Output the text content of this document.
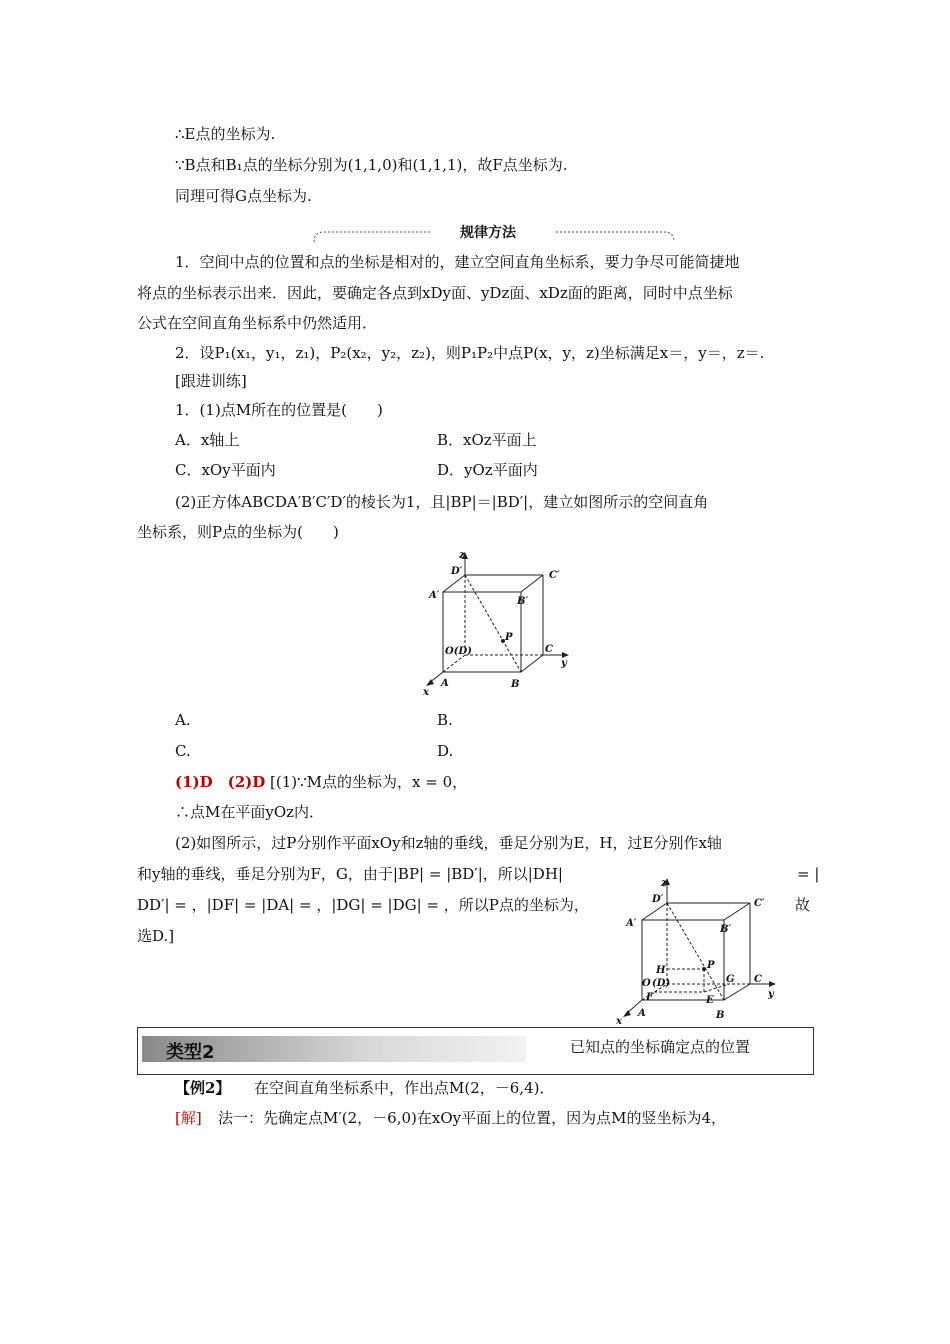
∴E点的坐标为.
∵B点和B₁点的坐标分别为(1,1,0)和(1,1,1)，故F点坐标为.
同理可得G点坐标为.
规律方法
1．空间中点的位置和点的坐标是相对的，建立空间直角坐标系，要力争尽可能简捷地
将点的坐标表示出来．因此，要确定各点到xDy面、yDz面、xDz面的距离，同时中点坐标
公式在空间直角坐标系中仍然适用．
2．设P₁(x₁，y₁，z₁)，P₂(x₂，y₂，z₂)，则P₁P₂中点P(x，y，z)坐标满足x＝，y＝，z＝.
[跟进训练]
1．(1)点M所在的位置是(　　)
A．x轴上	B．xOz平面上
C．xOy平面内	D．yOz平面内
(2)正方体ABCDA′B′C′D′的棱长为1，且|BP|＝|BD′|，建立如图所示的空间直角
坐标系，则P点的坐标为(　　)
z
D′	C′
A′
B′
P
O(D)	C
y
A	B
x
A.	B.
C.	D.
(1)D　(2)D [(1)∵M点的坐标为，x = 0，
∴点M在平面yOz内．
(2)如图所示，过P分别作平面xOy和z轴的垂线，垂足分别为E，H，过E分别作x轴
和y轴的垂线，垂足分别为F，G，由于|BP| = |BD′|，所以|DH|	= |
DD′| = ，|DF| = |DA| = ，|DG| = |DG| = ，所以P点的坐标为，	故
选D.]
z
D′	C′
A′
B′
H	P
O (D)	G C
y
F	E
x
A	B
类型2	已知点的坐标确定点的位置
【例2】 在空间直角坐标系中，作出点M(2，－6,4)．
[解] 法一：先确定点M′(2，－6,0)在xOy平面上的位置，因为点M的竖坐标为4，
